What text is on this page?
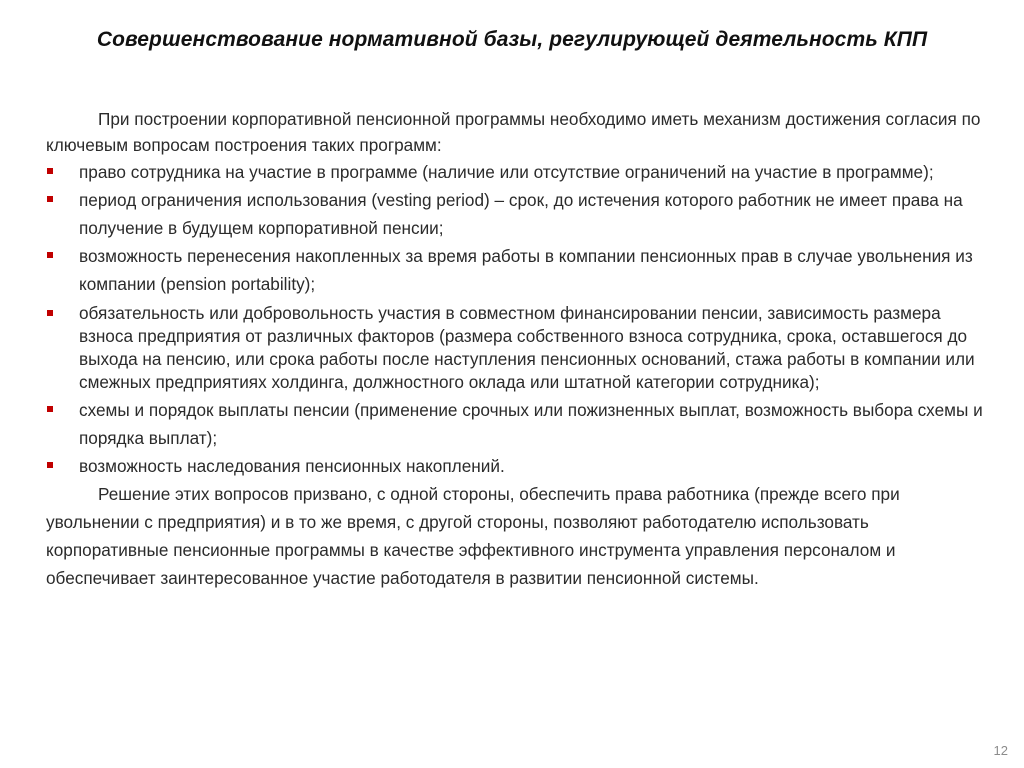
Совершенствование нормативной базы, регулирующей деятельность КПП

При построении корпоративной пенсионной программы необходимо иметь механизм достижения согласия по ключевым вопросам построения таких программ:

право сотрудника на участие в программе (наличие или отсутствие ограничений на участие в программе);
период ограничения использования (vesting period) – срок, до истечения которого работник не имеет права на получение в будущем корпоративной пенсии;
возможность перенесения накопленных за время работы в компании пенсионных прав в случае увольнения из компании (pension portability);
обязательность или добровольность участия в совместном финансировании пенсии, зависимость размера взноса предприятия от различных факторов (размера собственного взноса сотрудника, срока, оставшегося до выхода на пенсию, или срока работы после наступления пенсионных оснований, стажа работы в компании или смежных предприятиях холдинга, должностного оклада или штатной категории сотрудника);
схемы и порядок выплаты пенсии (применение срочных или пожизненных выплат, возможность выбора схемы и порядка выплат);
возможность наследования пенсионных накоплений.

Решение этих вопросов призвано, с одной стороны, обеспечить права работника (прежде всего при увольнении с предприятия) и в то же время, с другой стороны, позволяют работодателю использовать корпоративные пенсионные программы в качестве эффективного инструмента управления персоналом и обеспечивает заинтересованное участие работодателя в развитии пенсионной системы.

12
